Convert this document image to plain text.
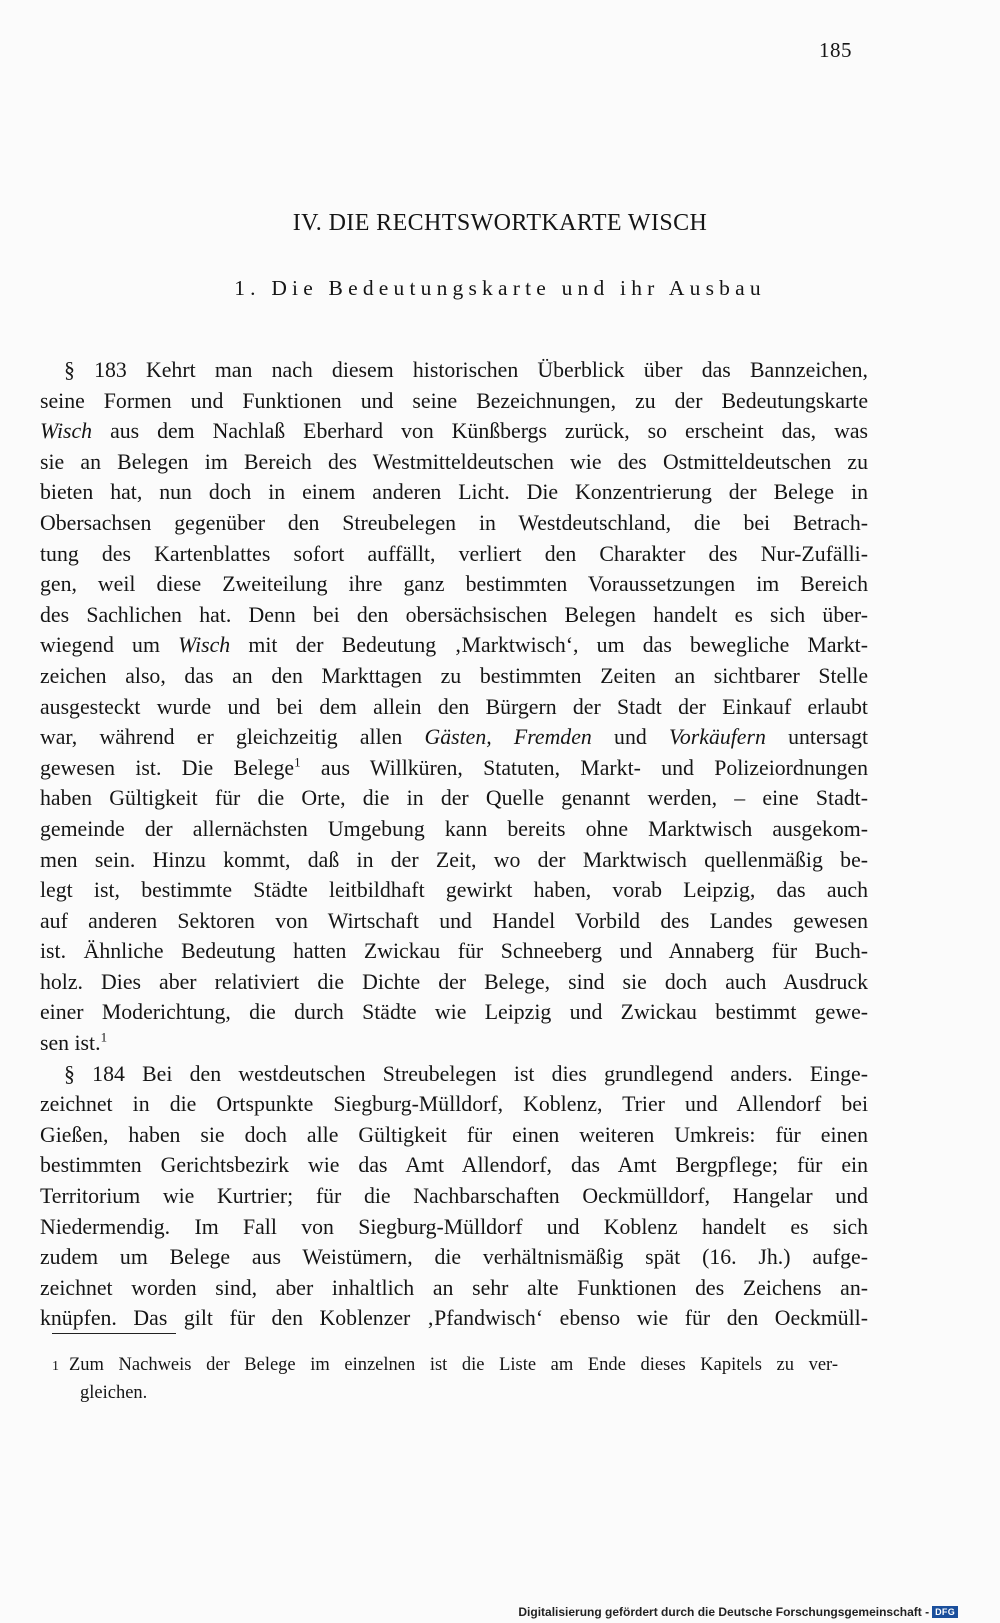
185
IV. DIE RECHTSWORTKARTE WISCH
1. Die Bedeutungskarte und ihr Ausbau
§ 183 Kehrt man nach diesem historischen Überblick über das Bannzeichen,
seine Formen und Funktionen und seine Bezeichnungen, zu der Bedeutungskarte
Wisch aus dem Nachlaß Eberhard von Künßbergs zurück, so erscheint das, was
sie an Belegen im Bereich des Westmitteldeutschen wie des Ostmitteldeutschen zu
bieten hat, nun doch in einem anderen Licht. Die Konzentrierung der Belege in
Obersachsen gegenüber den Streubelegen in Westdeutschland, die bei Betrach-
tung des Kartenblattes sofort auffällt, verliert den Charakter des Nur-Zufälli-
gen, weil diese Zweiteilung ihre ganz bestimmten Voraussetzungen im Bereich
des Sachlichen hat. Denn bei den obersächsischen Belegen handelt es sich über-
wiegend um Wisch mit der Bedeutung ‚Marktwisch‘, um das bewegliche Markt-
zeichen also, das an den Markttagen zu bestimmten Zeiten an sichtbarer Stelle
ausgesteckt wurde und bei dem allein den Bürgern der Stadt der Einkauf erlaubt
war, während er gleichzeitig allen Gästen, Fremden und Vorkäufern untersagt
gewesen ist. Die Belege$^1$ aus Willküren, Statuten, Markt- und Polizeiordnungen
haben Gültigkeit für die Orte, die in der Quelle genannt werden, – eine Stadt-
gemeinde der allernächsten Umgebung kann bereits ohne Marktwisch ausgekom-
men sein. Hinzu kommt, daß in der Zeit, wo der Marktwisch quellenmäßig be-
legt ist, bestimmte Städte leitbildhaft gewirkt haben, vorab Leipzig, das auch
auf anderen Sektoren von Wirtschaft und Handel Vorbild des Landes gewesen
ist. Ähnliche Bedeutung hatten Zwickau für Schneeberg und Annaberg für Buch-
holz. Dies aber relativiert die Dichte der Belege, sind sie doch auch Ausdruck
einer Moderichtung, die durch Städte wie Leipzig und Zwickau bestimmt gewe-
sen ist.$^1$
§ 184 Bei den westdeutschen Streubelegen ist dies grundlegend anders. Einge-
zeichnet in die Ortspunkte Siegburg-Mülldorf, Koblenz, Trier und Allendorf bei
Gießen, haben sie doch alle Gültigkeit für einen weiteren Umkreis: für einen
bestimmten Gerichtsbezirk wie das Amt Allendorf, das Amt Bergpflege; für ein
Territorium wie Kurtrier; für die Nachbarschaften Oeckmülldorf, Hangelar und
Niedermendig. Im Fall von Siegburg-Mülldorf und Koblenz handelt es sich
zudem um Belege aus Weistümern, die verhältnismäßig spät (16. Jh.) aufge-
zeichnet worden sind, aber inhaltlich an sehr alte Funktionen des Zeichens an-
knüpfen. Das gilt für den Koblenzer ‚Pfandwisch‘ ebenso wie für den Oeckmüll-
1 Zum Nachweis der Belege im einzelnen ist die Liste am Ende dieses Kapitels zu ver-
gleichen.
Digitalisierung gefördert durch die Deutsche Forschungsgemeinschaft - DFG
